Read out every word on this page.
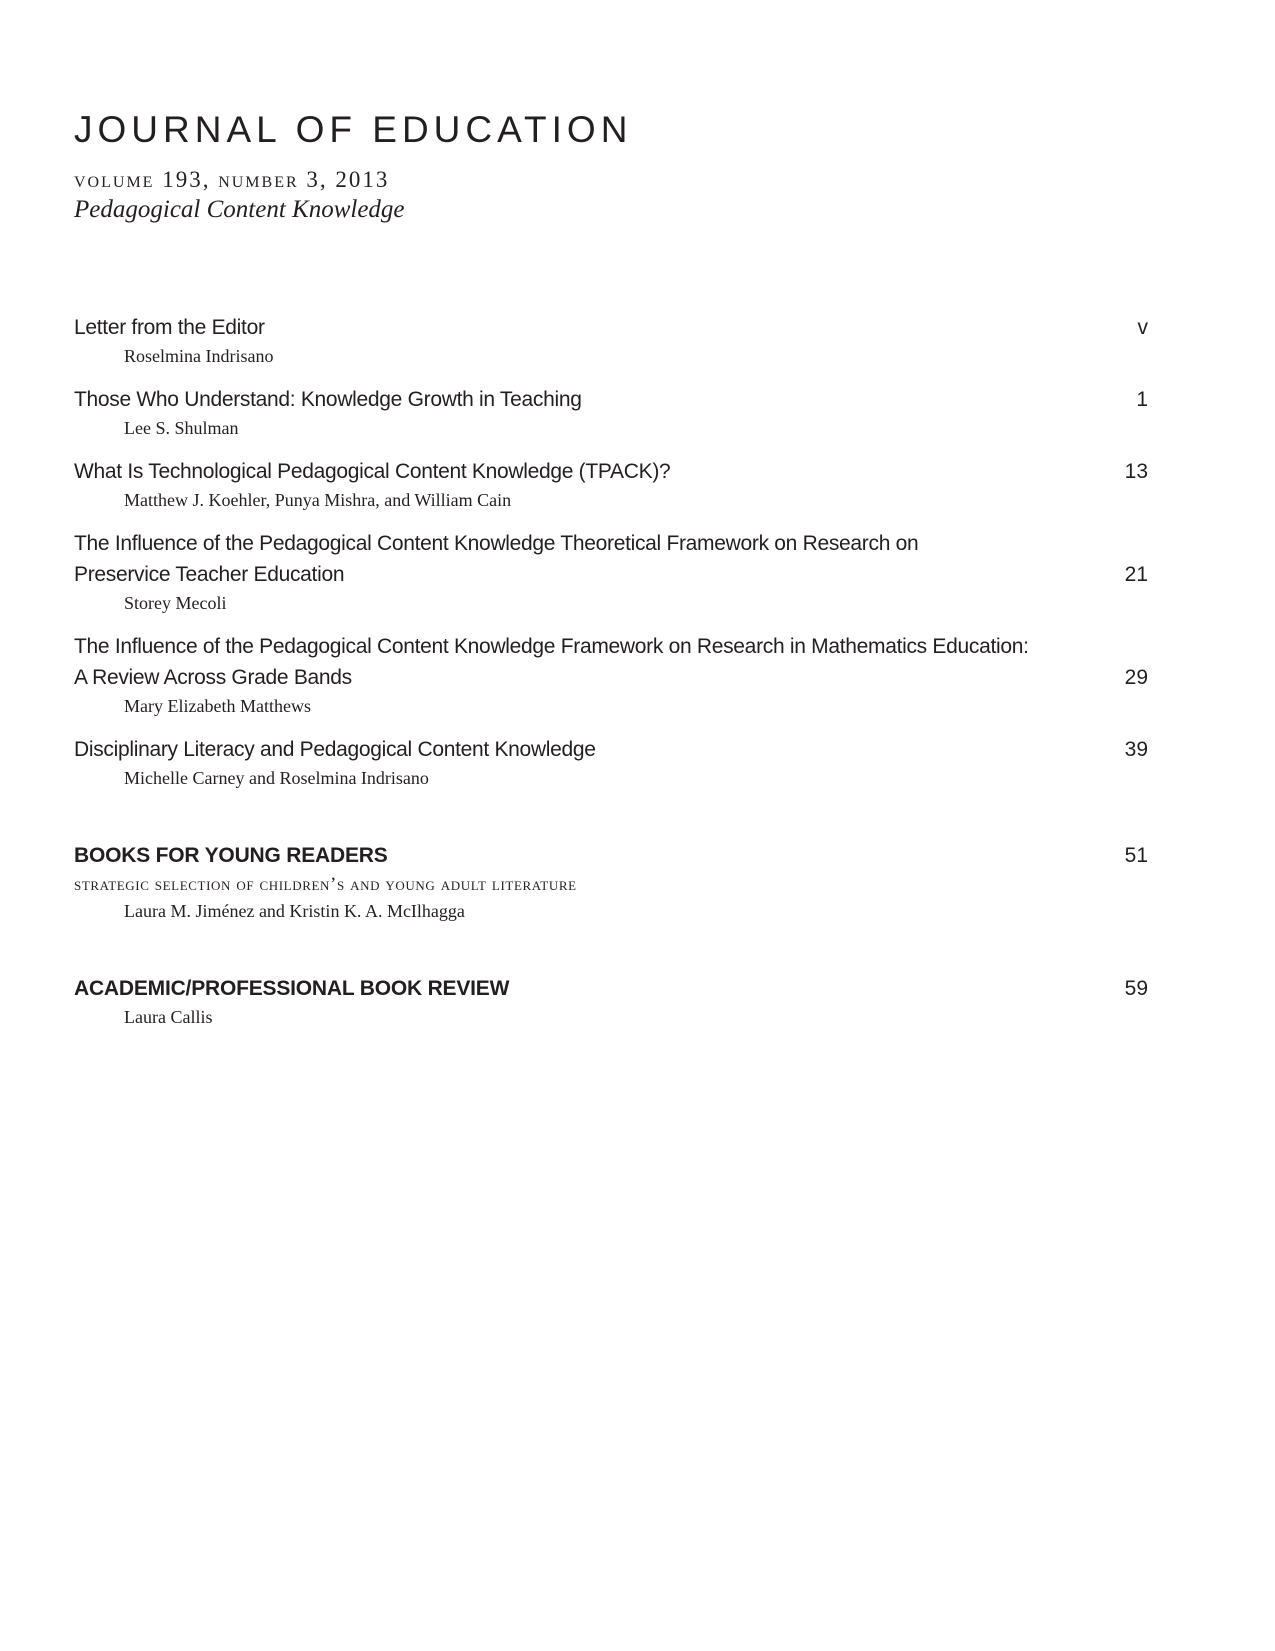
JOURNAL OF EDUCATION
volume 193, number 3, 2013
Pedagogical Content Knowledge
Letter from the Editor
Roselmina Indrisano
v
Those Who Understand: Knowledge Growth in Teaching
Lee S. Shulman
1
What Is Technological Pedagogical Content Knowledge (TPACK)?
Matthew J. Koehler, Punya Mishra, and William Cain
13
The Influence of the Pedagogical Content Knowledge Theoretical Framework on Research on
Preservice Teacher Education
Storey Mecoli
21
The Influence of the Pedagogical Content Knowledge Framework on Research in Mathematics Education:
A Review Across Grade Bands
Mary Elizabeth Matthews
29
Disciplinary Literacy and Pedagogical Content Knowledge
Michelle Carney and Roselmina Indrisano
39
BOOKS FOR YOUNG READERS	51
strategic selection of children’s and young adult literature
Laura M. Jiménez and Kristin K. A. McIlhagga
ACADEMIC/PROFESSIONAL BOOK REVIEW	59
Laura Callis
